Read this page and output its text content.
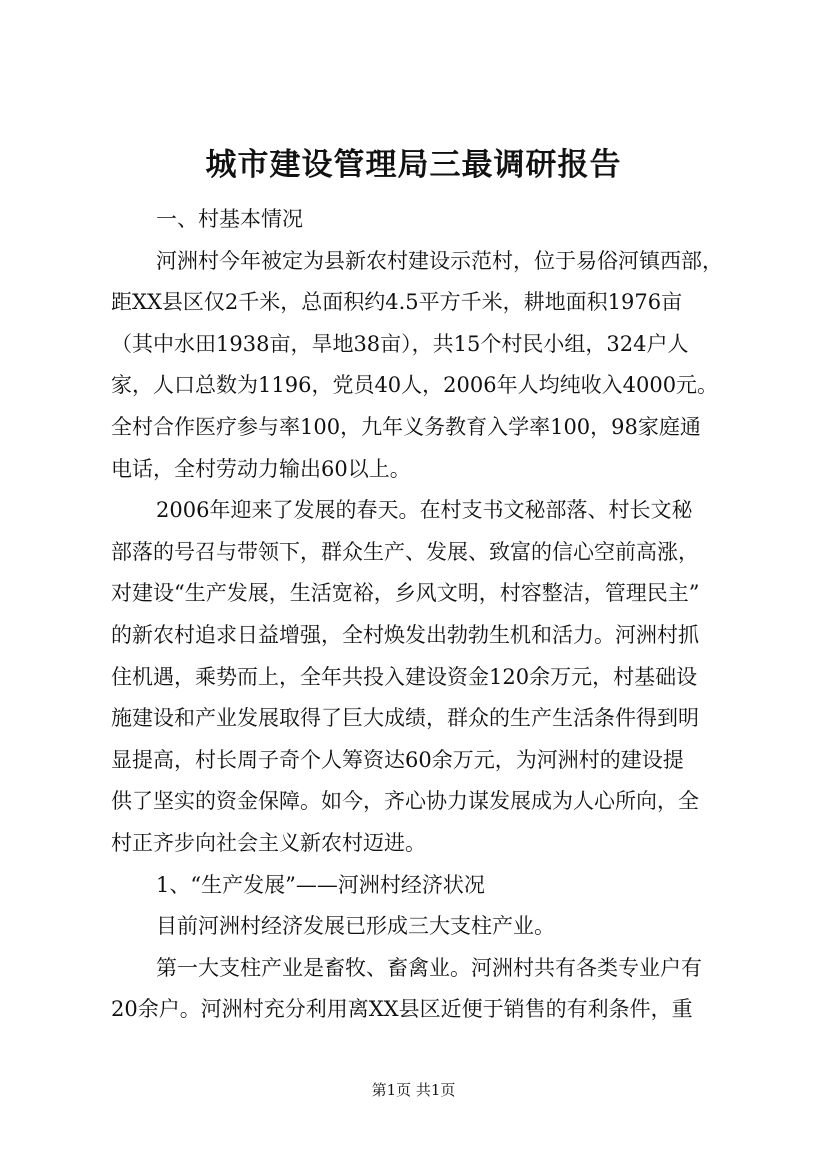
城市建设管理局三最调研报告
一、村基本情况
河洲村今年被定为县新农村建设示范村，位于易俗河镇西部，
距XX县区仅2千米，总面积约4.5平方千米，耕地面积1976亩
（其中水田1938亩，旱地38亩），共15个村民小组，324户人
家，人口总数为1196，党员40人，2006年人均纯收入4000元。
全村合作医疗参与率100，九年义务教育入学率100，98家庭通
电话，全村劳动力输出60以上。
2006年迎来了发展的春天。在村支书文秘部落、村长文秘
部落的号召与带领下，群众生产、发展、致富的信心空前高涨，
对建设“生产发展，生活宽裕，乡风文明，村容整洁，管理民主”
的新农村追求日益增强，全村焕发出勃勃生机和活力。河洲村抓
住机遇，乘势而上，全年共投入建设资金120余万元，村基础设
施建设和产业发展取得了巨大成绩，群众的生产生活条件得到明
显提高，村长周子奇个人筹资达60余万元，为河洲村的建设提
供了坚实的资金保障。如今，齐心协力谋发展成为人心所向，全
村正齐步向社会主义新农村迈进。
1、“生产发展”——河洲村经济状况
目前河洲村经济发展已形成三大支柱产业。
第一大支柱产业是畜牧、畜禽业。河洲村共有各类专业户有
20余户。河洲村充分利用离XX县区近便于销售的有利条件，重
第1页 共1页
